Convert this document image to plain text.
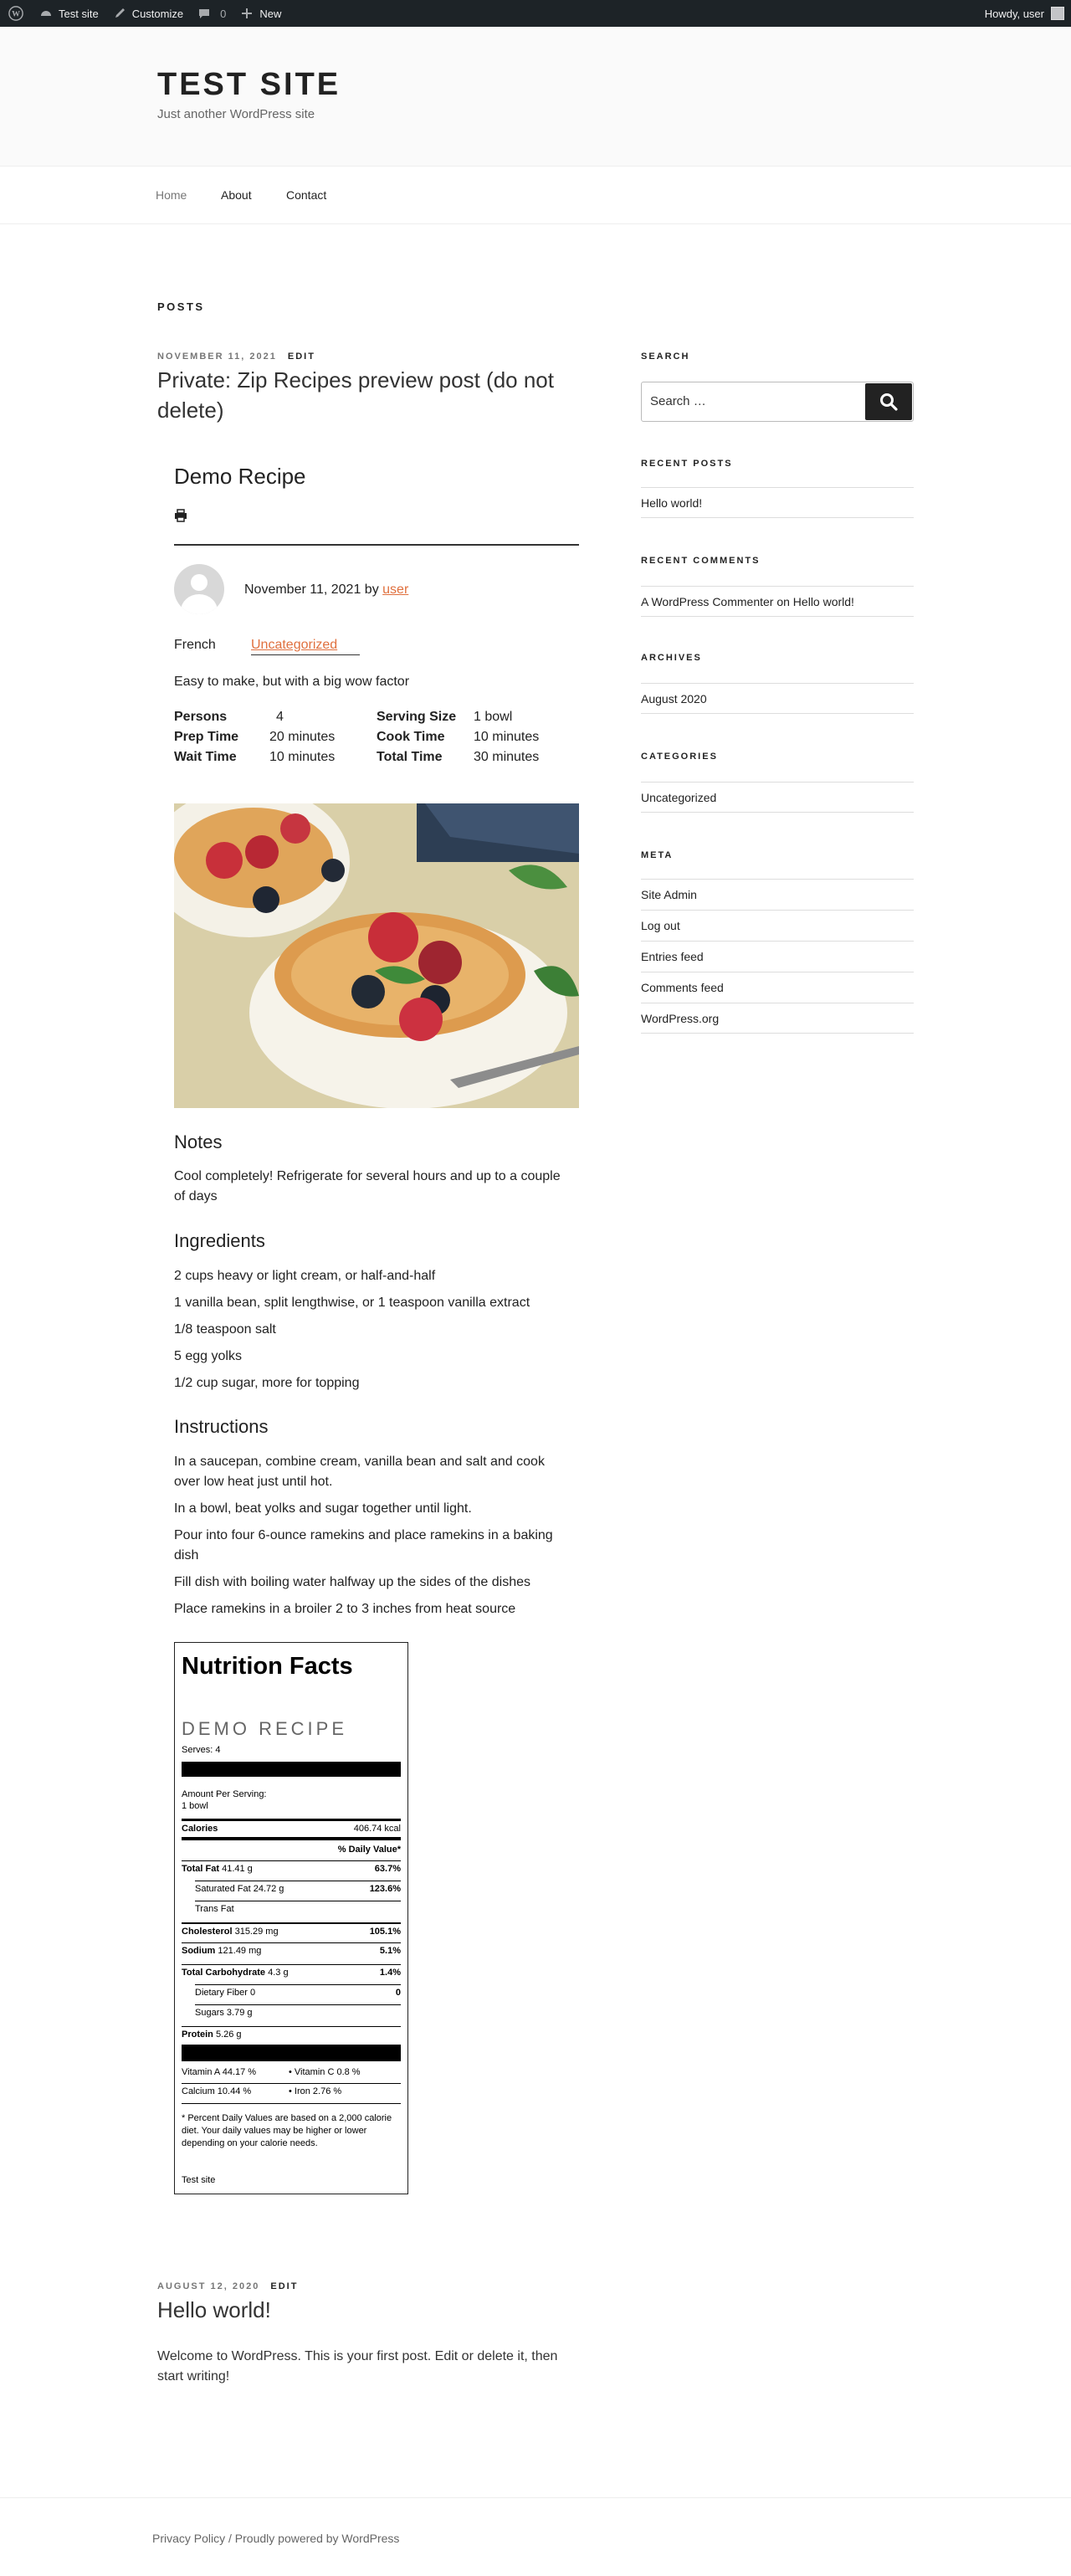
W	Test site	Customize	0	New	Howdy, user
TEST SITE
Just another WordPress site
Home	About	Contact
POSTS
NOVEMBER 11, 2021 EDIT
Private: Zip Recipes preview post (do not
delete)
Demo Recipe
November 11, 2021 by user
French	Uncategorized
Easy to make, but with a big wow factor
Persons	4	Serving Size 1 bowl
Prep Time 20 minutes	Cook Time 10 minutes
Wait Time 10 minutes	Total Time 30 minutes
Notes
Cool completely! Refrigerate for several hours and up to a couple
of days
Ingredients
2 cups heavy or light cream, or half-and-half
1 vanilla bean, split lengthwise, or 1 teaspoon vanilla extract
1/8 teaspoon salt
5 egg yolks
1/2 cup sugar, more for topping
Instructions
In a saucepan, combine cream, vanilla bean and salt and cook
over low heat just until hot.
In a bowl, beat yolks and sugar together until light.
Pour into four 6-ounce ramekins and place ramekins in a baking
dish
Fill dish with boiling water halfway up the sides of the dishes
Place ramekins in a broiler 2 to 3 inches from heat source
Nutrition Facts
DEMO RECIPE
Serves: 4
Amount Per Serving:
1 bowl
Calories	406.74 kcal
% Daily Value*
Total Fat 41.41 g	63.7%
Saturated Fat 24.72 g	123.6%
Trans Fat
Cholesterol 315.29 mg	105.1%
Sodium 121.49 mg	5.1%
Total Carbohydrate 4.3 g	1.4%
Dietary Fiber 0	0
Sugars 3.79 g
Protein 5.26 g
Vitamin A 44.17 %	• Vitamin C 0.8 %
Calcium 10.44 %	• Iron 2.76 %
* Percent Daily Values are based on a 2,000 calorie diet. Your daily values may be higher or lower depending on your calorie needs.
Test site
AUGUST 12, 2020 EDIT
Hello world!
Welcome to WordPress. This is your first post. Edit or delete it, then
start writing!
SEARCH
Search …
RECENT POSTS
Hello world!
RECENT COMMENTS
A WordPress Commenter on Hello world!
ARCHIVES
August 2020
CATEGORIES
Uncategorized
META
Site Admin
Log out
Entries feed
Comments feed
WordPress.org
Privacy Policy / Proudly powered by WordPress
